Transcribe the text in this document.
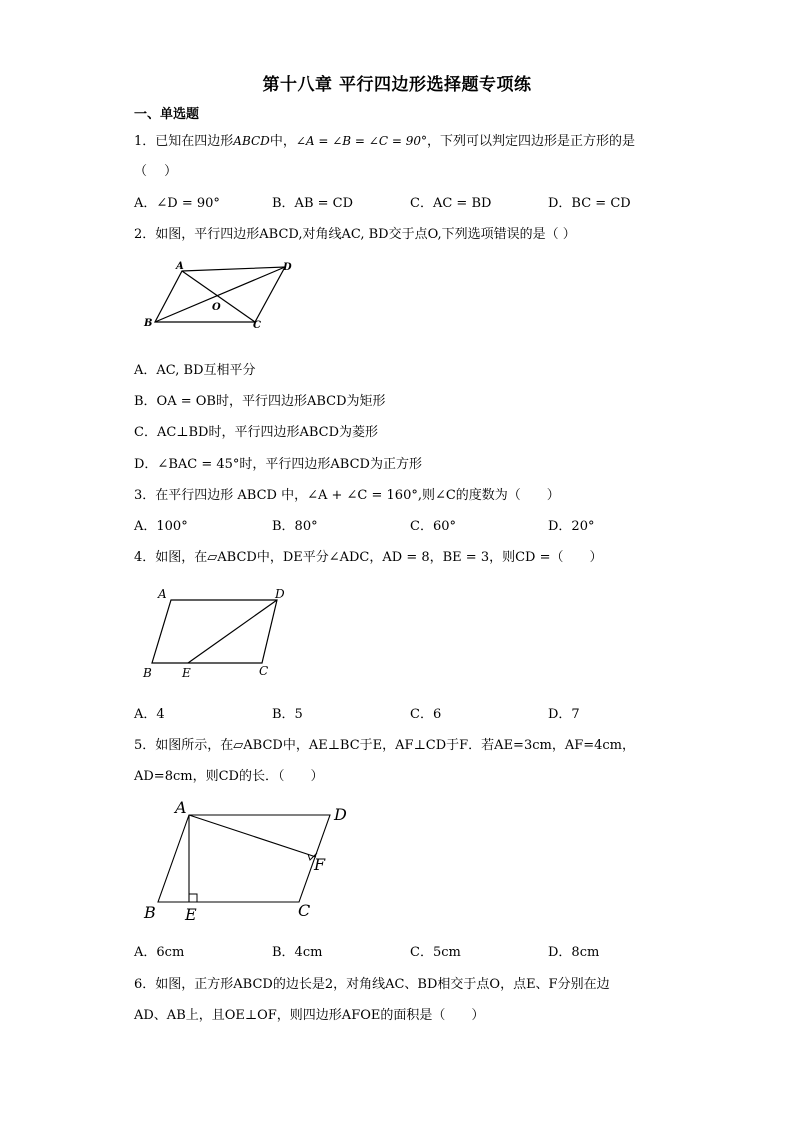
第十八章 平行四边形选择题专项练
一、单选题
1．已知在四边形ABCD中，∠A = ∠B = ∠C = 90°，下列可以判定四边形是正方形的是
（　 ）
A．∠D = 90°	B．AB = CD	C．AC = BD	D．BC = CD
2．如图，平行四边形ABCD,对角线AC, BD交于点O,下列选项错误的是（ ）
A	D
B	C
O
A．AC, BD互相平分
B．OA = OB时，平行四边形ABCD为矩形
C．AC⊥BD时，平行四边形ABCD为菱形
D．∠BAC = 45°时，平行四边形ABCD为正方形
3．在平行四边形 ABCD 中，∠A + ∠C = 160°,则∠C的度数为（　　）
A．100°	B．80°	C．60°	D．20°
4．如图，在▱ABCD中，DE平分∠ADC，AD = 8，BE = 3，则CD =（　　）
A	D
B	E	C
A．4	B．5	C．6	D．7
5．如图所示，在▱ABCD中，AE⊥BC于E，AF⊥CD于F．若AE=3cm，AF=4cm，
AD=8cm，则CD的长．（　　）
A	D
F
B E	C
A．6cm	B．4cm	C．5cm	D．8cm
6．如图，正方形ABCD的边长是2，对角线AC、BD相交于点O，点E、F分别在边
AD、AB上，且OE⊥OF，则四边形AFOE的面积是（　　）
